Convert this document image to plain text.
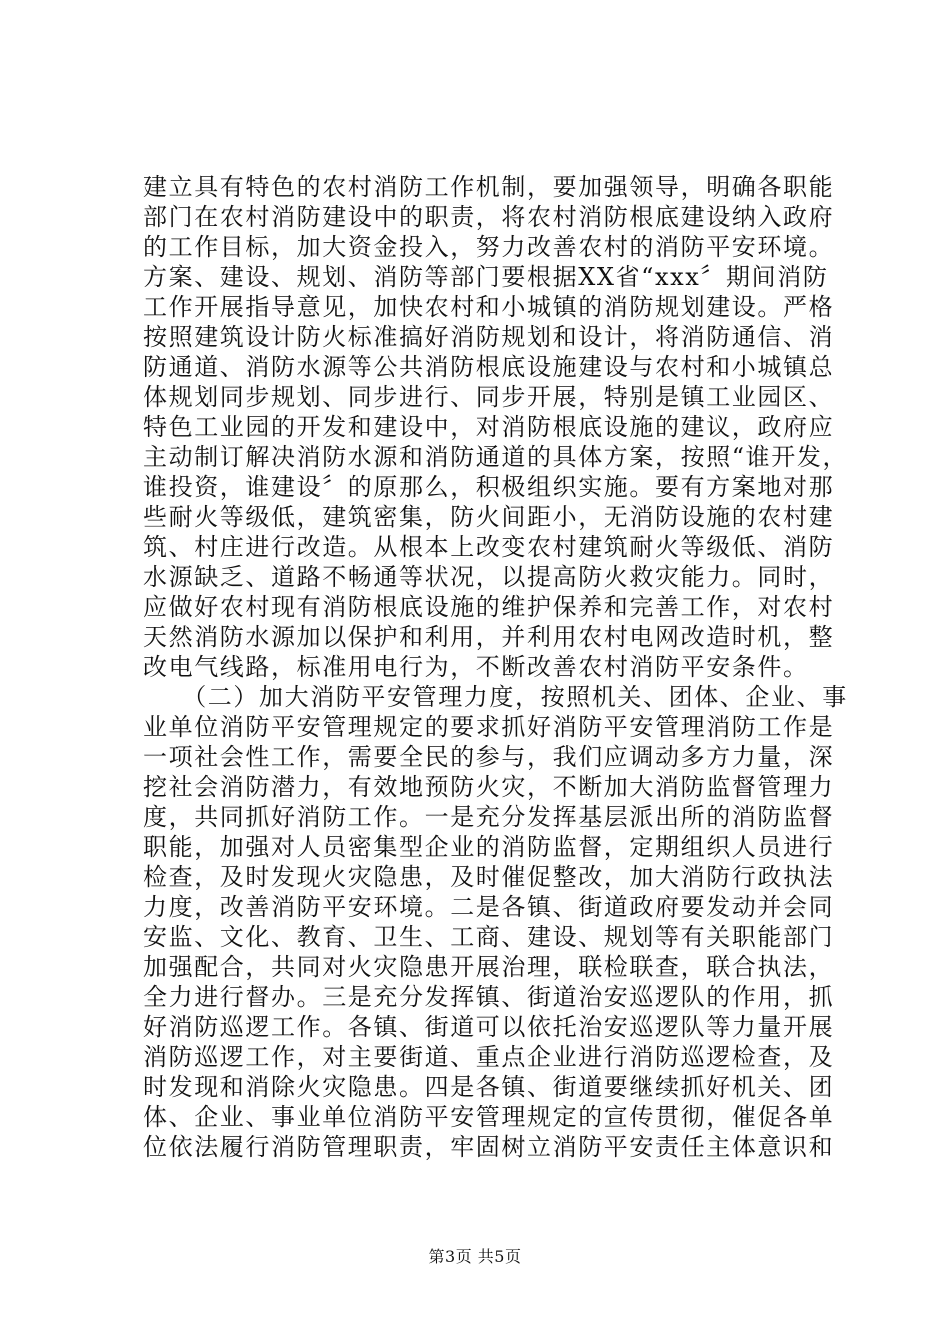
建立具有特色的农村消防工作机制，要加强领导，明确各职能
部门在农村消防建设中的职责，将农村消防根底建设纳入政府
的工作目标，加大资金投入，努力改善农村的消防平安环境。
方案、建设、规划、消防等部门要根据XX省“xxx〞期间消防
工作开展指导意见，加快农村和小城镇的消防规划建设。严格
按照建筑设计防火标准搞好消防规划和设计，将消防通信、消
防通道、消防水源等公共消防根底设施建设与农村和小城镇总
体规划同步规划、同步进行、同步开展，特别是镇工业园区、
特色工业园的开发和建设中，对消防根底设施的建议，政府应
主动制订解决消防水源和消防通道的具体方案，按照“谁开发，
谁投资，谁建设〞的原那么，积极组织实施。要有方案地对那
些耐火等级低，建筑密集，防火间距小，无消防设施的农村建
筑、村庄进行改造。从根本上改变农村建筑耐火等级低、消防
水源缺乏、道路不畅通等状况，以提高防火救灾能力。同时，
应做好农村现有消防根底设施的维护保养和完善工作，对农村
天然消防水源加以保护和利用，并利用农村电网改造时机，整
改电气线路，标准用电行为，不断改善农村消防平安条件。
　　（二）加大消防平安管理力度，按照机关、团体、企业、事
业单位消防平安管理规定的要求抓好消防平安管理消防工作是
一项社会性工作，需要全民的参与，我们应调动多方力量，深
挖社会消防潜力，有效地预防火灾，不断加大消防监督管理力
度，共同抓好消防工作。一是充分发挥基层派出所的消防监督
职能，加强对人员密集型企业的消防监督，定期组织人员进行
检查，及时发现火灾隐患，及时催促整改，加大消防行政执法
力度，改善消防平安环境。二是各镇、街道政府要发动并会同
安监、文化、教育、卫生、工商、建设、规划等有关职能部门
加强配合，共同对火灾隐患开展治理，联检联查，联合执法，
全力进行督办。三是充分发挥镇、街道治安巡逻队的作用，抓
好消防巡逻工作。各镇、街道可以依托治安巡逻队等力量开展
消防巡逻工作，对主要街道、重点企业进行消防巡逻检查，及
时发现和消除火灾隐患。四是各镇、街道要继续抓好机关、团
体、企业、事业单位消防平安管理规定的宣传贯彻，催促各单
位依法履行消防管理职责，牢固树立消防平安责任主体意识和
第3页 共5页
